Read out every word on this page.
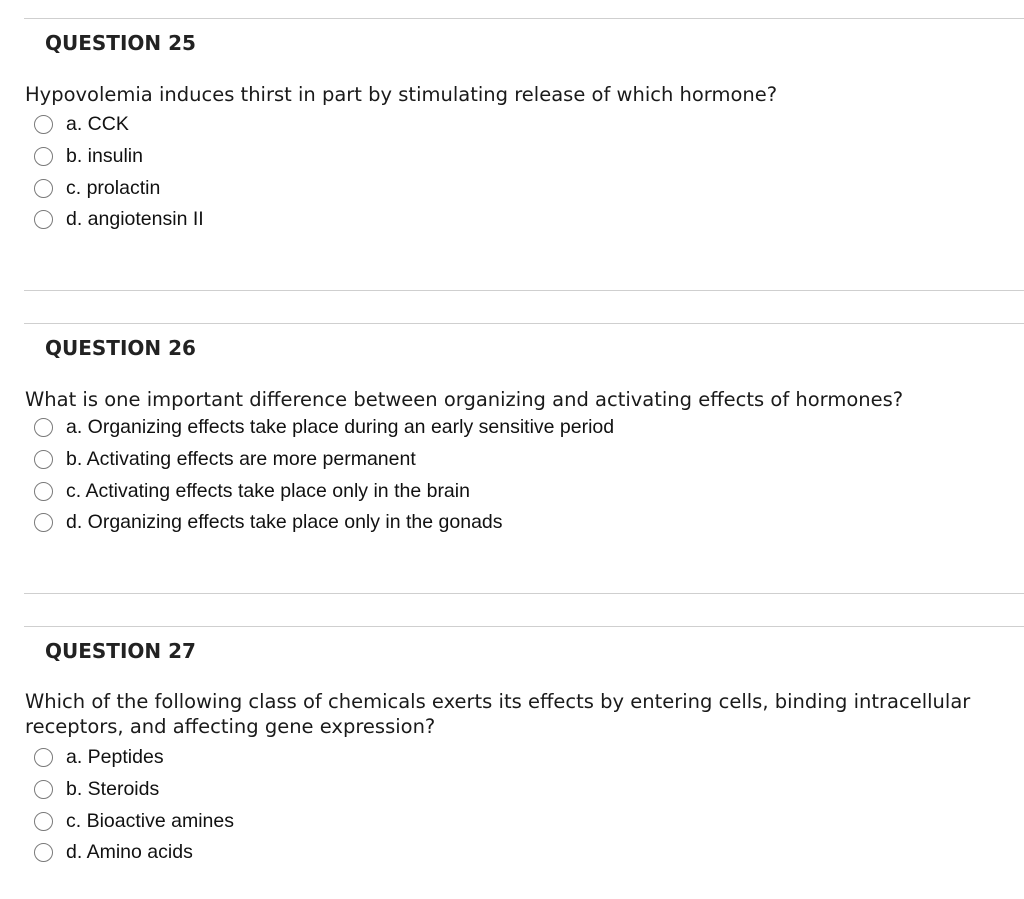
QUESTION 25
Hypovolemia induces thirst in part by stimulating release of which hormone?
a. CCK
b. insulin
c. prolactin
d. angiotensin II
QUESTION 26
What is one important difference between organizing and activating effects of hormones?
a. Organizing effects take place during an early sensitive period
b. Activating effects are more permanent
c. Activating effects take place only in the brain
d. Organizing effects take place only in the gonads
QUESTION 27
Which of the following class of chemicals exerts its effects by entering cells, binding intracellular receptors, and affecting gene expression?
a. Peptides
b. Steroids
c. Bioactive amines
d. Amino acids
